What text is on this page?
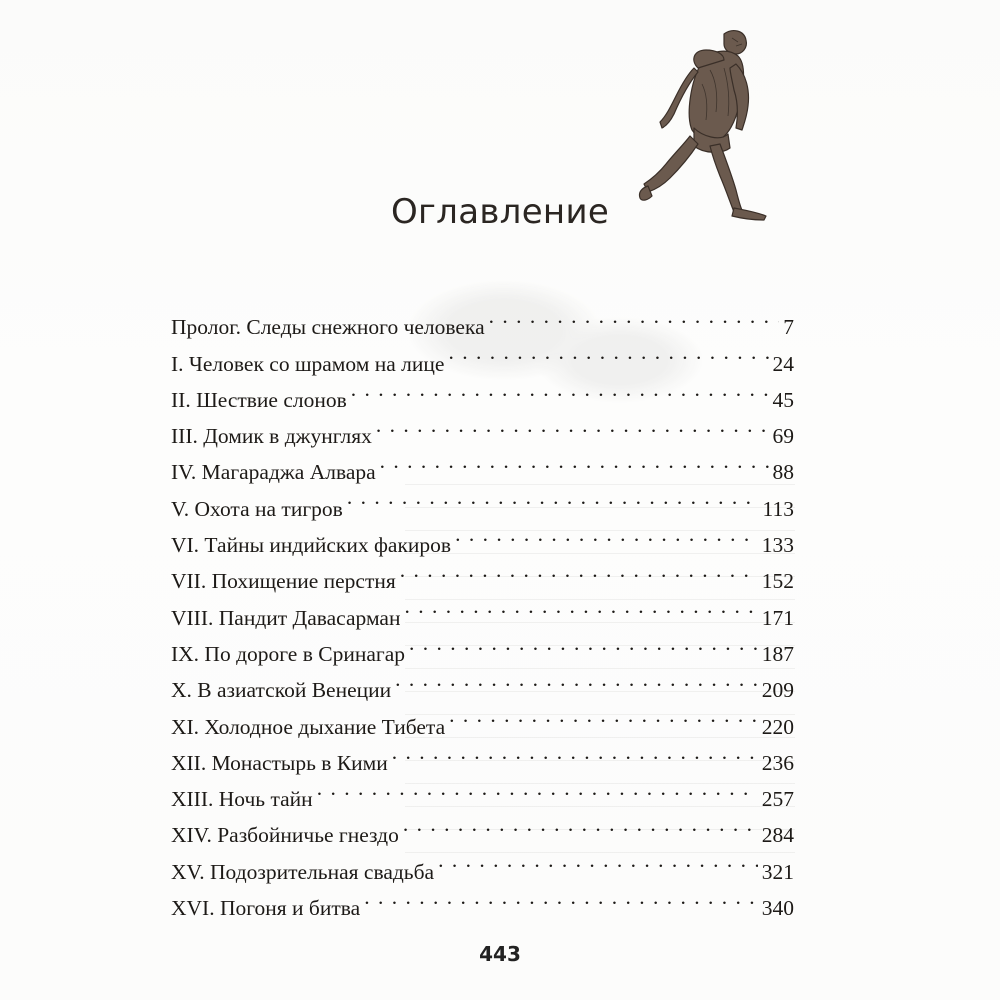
Оглавление
Пролог. Следы снежного человека . . .	7
I. Человек со шрамом на лице . . .	24
II. Шествие слонов . . .	45
III. Домик в джунглях . . .	69
IV. Магараджа Алвара . . .	88
V. Охота на тигров . . .	113
VI. Тайны индийских факиров . . .	133
VII. Похищение перстня . . .	152
VIII. Пандит Давасарман . . .	171
IX. По дороге в Сринагар . . .	187
X. В азиатской Венеции . . .	209
XI. Холодное дыхание Тибета . . .	220
XII. Монастырь в Кими . . .	236
XIII. Ночь тайн . . .	257
XIV. Разбойничье гнездо . . .	284
XV. Подозрительная свадьба . . .	321
XVI. Погоня и битва . . .	340
443
